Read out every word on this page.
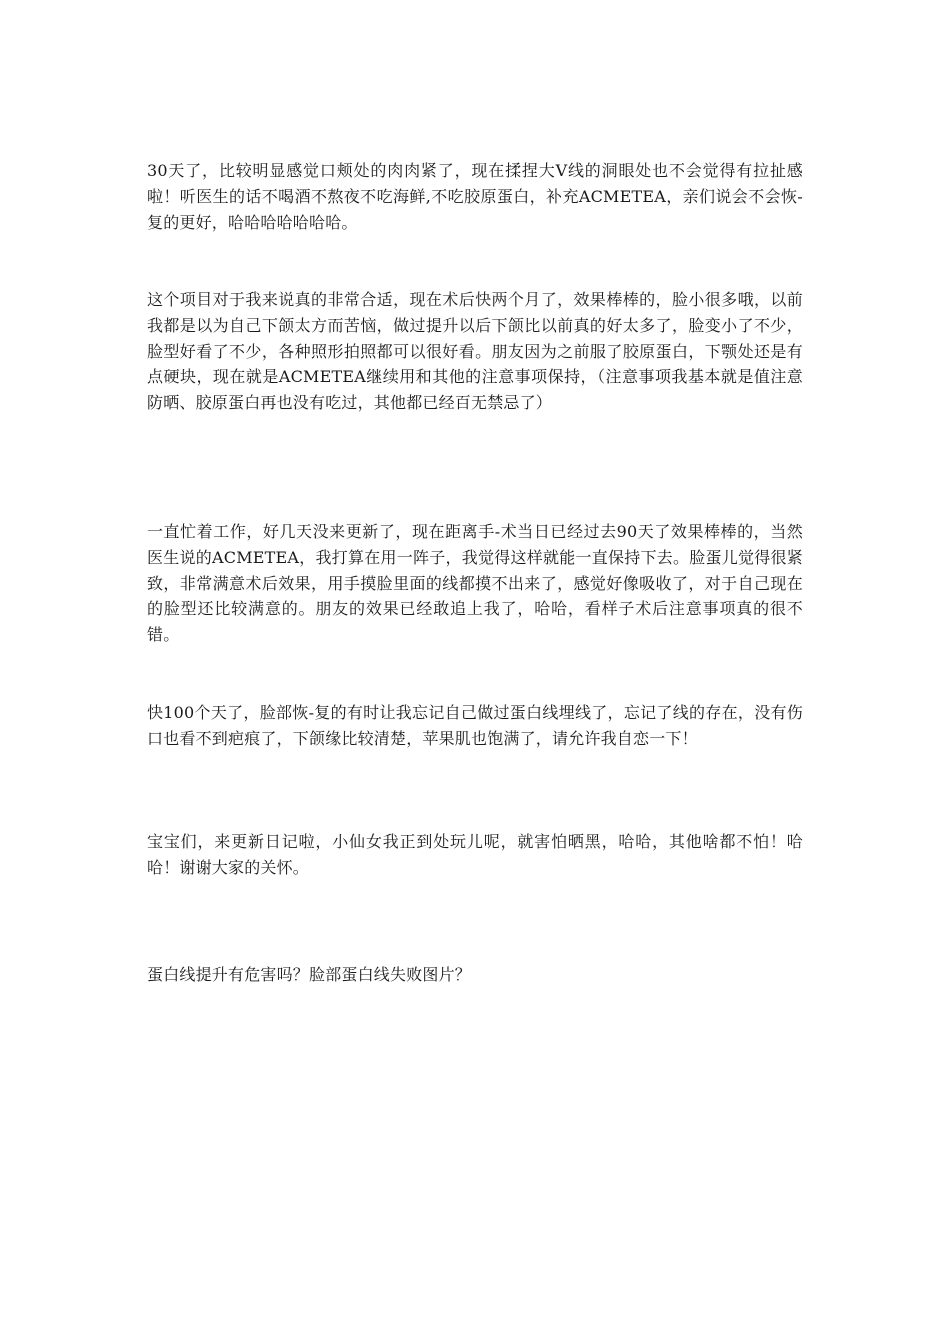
30天了，比较明显感觉口颊处的肉肉紧了，现在揉捏大V线的洞眼处也不会觉得有拉扯感啦！听医生的话不喝酒不熬夜不吃海鲜,不吃胶原蛋白，补充ACMETEA，亲们说会不会恢-复的更好，哈哈哈哈哈哈哈。

这个项目对于我来说真的非常合适，现在术后快两个月了，效果棒棒的，脸小很多哦，以前我都是以为自己下颌太方而苦恼，做过提升以后下颌比以前真的好太多了，脸变小了不少，脸型好看了不少，各种照形拍照都可以很好看。朋友因为之前服了胶原蛋白，下颚处还是有点硬块，现在就是ACMETEA继续用和其他的注意事项保持，（注意事项我基本就是值注意防晒、胶原蛋白再也没有吃过，其他都已经百无禁忌了）

一直忙着工作，好几天没来更新了，现在距离手-术当日已经过去90天了效果棒棒的，当然医生说的ACMETEA，我打算在用一阵子，我觉得这样就能一直保持下去。脸蛋儿觉得很紧致，非常满意术后效果，用手摸脸里面的线都摸不出来了，感觉好像吸收了，对于自己现在的脸型还比较满意的。朋友的效果已经敢追上我了，哈哈，看样子术后注意事项真的很不错。

快100个天了，脸部恢-复的有时让我忘记自己做过蛋白线埋线了，忘记了线的存在，没有伤口也看不到疤痕了，下颌缘比较清楚，苹果肌也饱满了，请允许我自恋一下！

宝宝们，来更新日记啦，小仙女我正到处玩儿呢，就害怕晒黑，哈哈，其他啥都不怕！哈哈！谢谢大家的关怀。

蛋白线提升有危害吗？脸部蛋白线失败图片？
